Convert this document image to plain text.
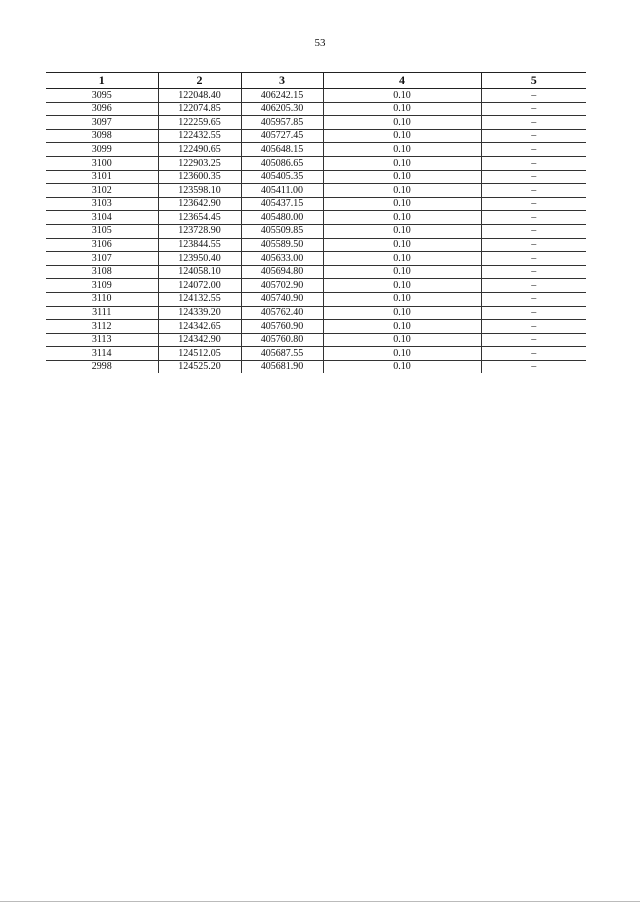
53
1	2	3	4	5
3095	122048.40	406242.15	0.10	–
3096	122074.85	406205.30	0.10	–
3097	122259.65	405957.85	0.10	–
3098	122432.55	405727.45	0.10	–
3099	122490.65	405648.15	0.10	–
3100	122903.25	405086.65	0.10	–
3101	123600.35	405405.35	0.10	–
3102	123598.10	405411.00	0.10	–
3103	123642.90	405437.15	0.10	–
3104	123654.45	405480.00	0.10	–
3105	123728.90	405509.85	0.10	–
3106	123844.55	405589.50	0.10	–
3107	123950.40	405633.00	0.10	–
3108	124058.10	405694.80	0.10	–
3109	124072.00	405702.90	0.10	–
3110	124132.55	405740.90	0.10	–
3111	124339.20	405762.40	0.10	–
3112	124342.65	405760.90	0.10	–
3113	124342.90	405760.80	0.10	–
3114	124512.05	405687.55	0.10	–
2998	124525.20	405681.90	0.10	–
